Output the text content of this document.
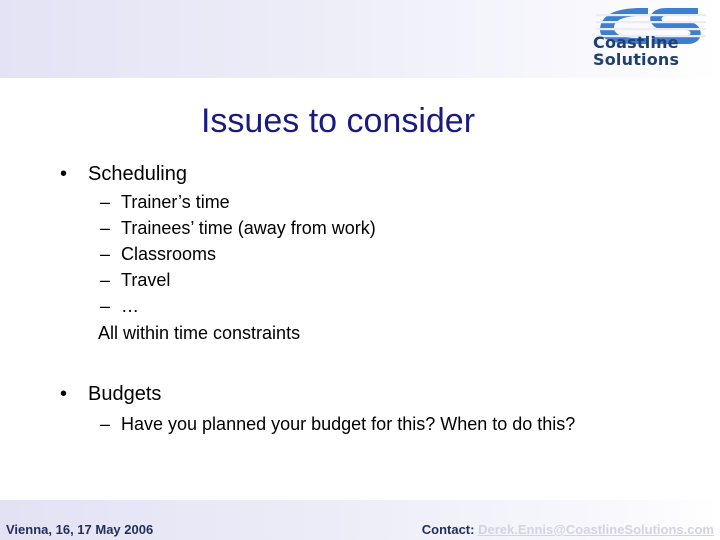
Coastline
Solutions
Issues to consider
• Scheduling
– Trainer’s time
– Trainees’ time (away from work)
– Classrooms
– Travel
– …
All within time constraints
• Budgets
– Have you planned your budget for this? When to do this?
Vienna, 16, 17 May 2006	Contact: Derek.Ennis@CoastlineSolutions.com
